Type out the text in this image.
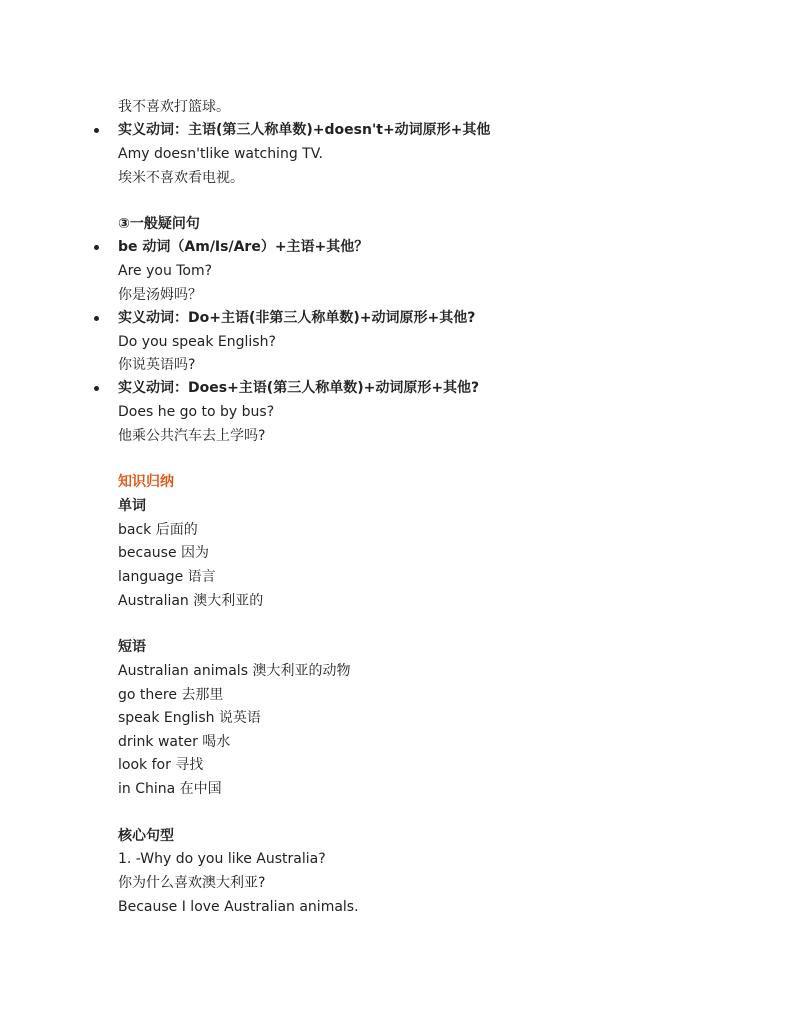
我不喜欢打篮球。
实义动词：主语(第三人称单数)+doesn't+动词原形+其他
Amy doesn'tlike watching TV.
埃米不喜欢看电视。
③一般疑问句
be 动词（Am/Is/Are）+主语+其他？
Are you Tom?
你是汤姆吗？
实义动词：Do+主语(非第三人称单数)+动词原形+其他?
Do you speak English?
你说英语吗?
实义动词：Does+主语(第三人称单数)+动词原形+其他?
Does he go to by bus?
他乘公共汽车去上学吗?
知识归纳
单词
back 后面的
because 因为
language 语言
Australian 澳大利亚的
短语
Australian animals 澳大利亚的动物
go there 去那里
speak English 说英语
drink water 喝水
look for 寻找
in China 在中国
核心句型
1. -Why do you like Australia?
你为什么喜欢澳大利亚?
Because I love Australian animals.
